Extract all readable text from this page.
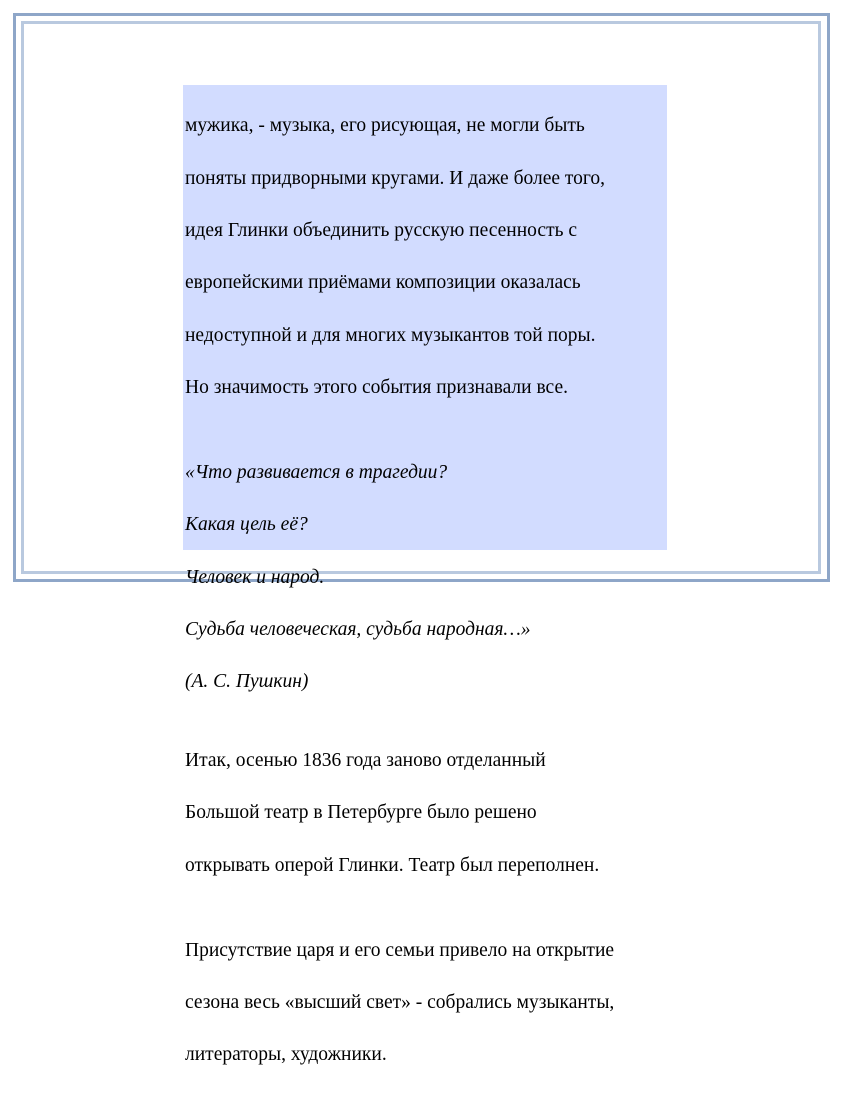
мужика, - музыка, его рисующая, не могли быть

поняты придворными кругами. И даже более того,

идея Глинки объединить русскую песенность с

европейскими приёмами композиции оказалась

недоступной и для многих музыкантов той поры.

Но значимость этого события признавали все.

«Что развивается в трагедии?

Какая цель её?

Человек и народ.

Судьба человеческая, судьба народная…»

(А. С. Пушкин)

Итак, осенью 1836 года заново отделанный

Большой театр в Петербурге было решено

открывать оперой Глинки. Театр был переполнен.

Присутствие царя и его семьи привело на открытие

сезона весь «высший свет» - собрались музыканты,

литераторы, художники.
